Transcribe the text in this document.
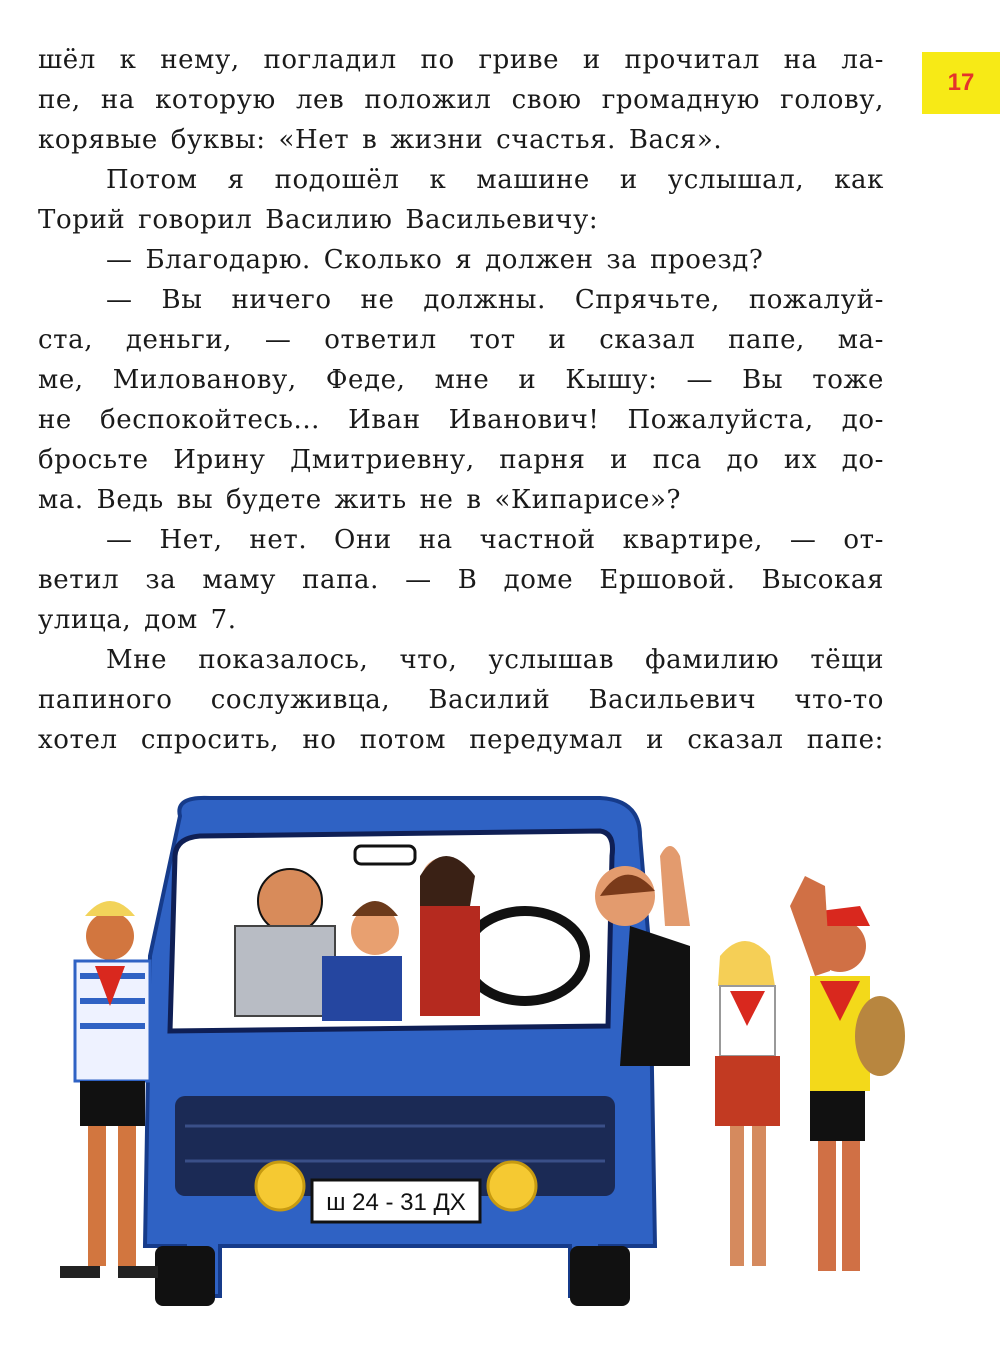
17
шёл к нему, погладил по гриве и прочитал на ла-
пе, на которую лев положил свою громадную голову,
корявые буквы: «Нет в жизни счастья. Вася».
Потом я подошёл к машине и услышал, как
Торий говорил Василию Васильевичу:
— Благодарю. Сколько я должен за проезд?
— Вы ничего не должны. Спрячьте, пожалуй-
ста, деньги, — ответил тот и сказал папе, ма-
ме, Милованову, Феде, мне и Кышу: — Вы тоже
не беспокойтесь... Иван Иванович! Пожалуйста, до-
бросьте Ирину Дмитриевну, парня и пса до их до-
ма. Ведь вы будете жить не в «Кипарисе»?
— Нет, нет. Они на частной квартире, — от-
ветил за маму папа. — В доме Ершовой. Высокая
улица, дом 7.
Мне показалось, что, услышав фамилию тёщи
папиного сослуживца, Василий Васильевич что-то
хотел спросить, но потом передумал и сказал папе:
ш 24 - 31 ДХ
